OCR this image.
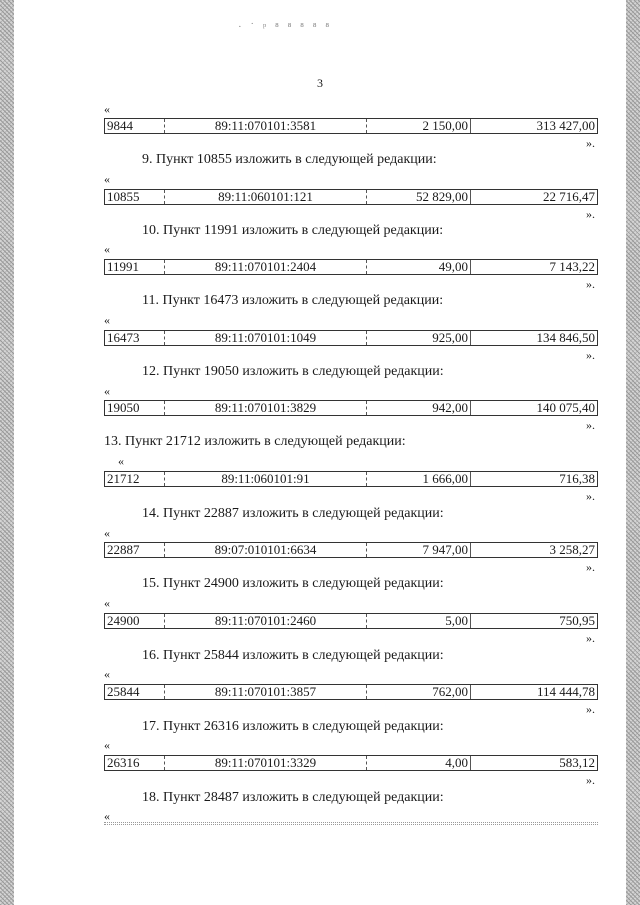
· ˙ ᵖ ⁸ ⁸ ⁸ ⁸ ⁸
3
«
9844	89:11:070101:3581	2 150,00	313 427,00
».
9. Пункт 10855 изложить в следующей редакции:
«
10855	89:11:060101:121	52 829,00	22 716,47
».
10. Пункт 11991 изложить в следующей редакции:
«
11991	89:11:070101:2404	49,00	7 143,22
».
11. Пункт 16473 изложить в следующей редакции:
«
16473	89:11:070101:1049	925,00	134 846,50
».
12. Пункт 19050 изложить в следующей редакции:
«
19050	89:11:070101:3829	942,00	140 075,40
».
13. Пункт 21712 изложить в следующей редакции:
«
21712	89:11:060101:91	1 666,00	716,38
».
14. Пункт 22887 изложить в следующей редакции:
«
22887	89:07:010101:6634	7 947,00	3 258,27
».
15. Пункт 24900 изложить в следующей редакции:
«
24900	89:11:070101:2460	5,00	750,95
».
16. Пункт 25844 изложить в следующей редакции:
«
25844	89:11:070101:3857	762,00	114 444,78
».
17. Пункт 26316 изложить в следующей редакции:
«
26316	89:11:070101:3329	4,00	583,12
».
18. Пункт 28487 изложить в следующей редакции:
«
